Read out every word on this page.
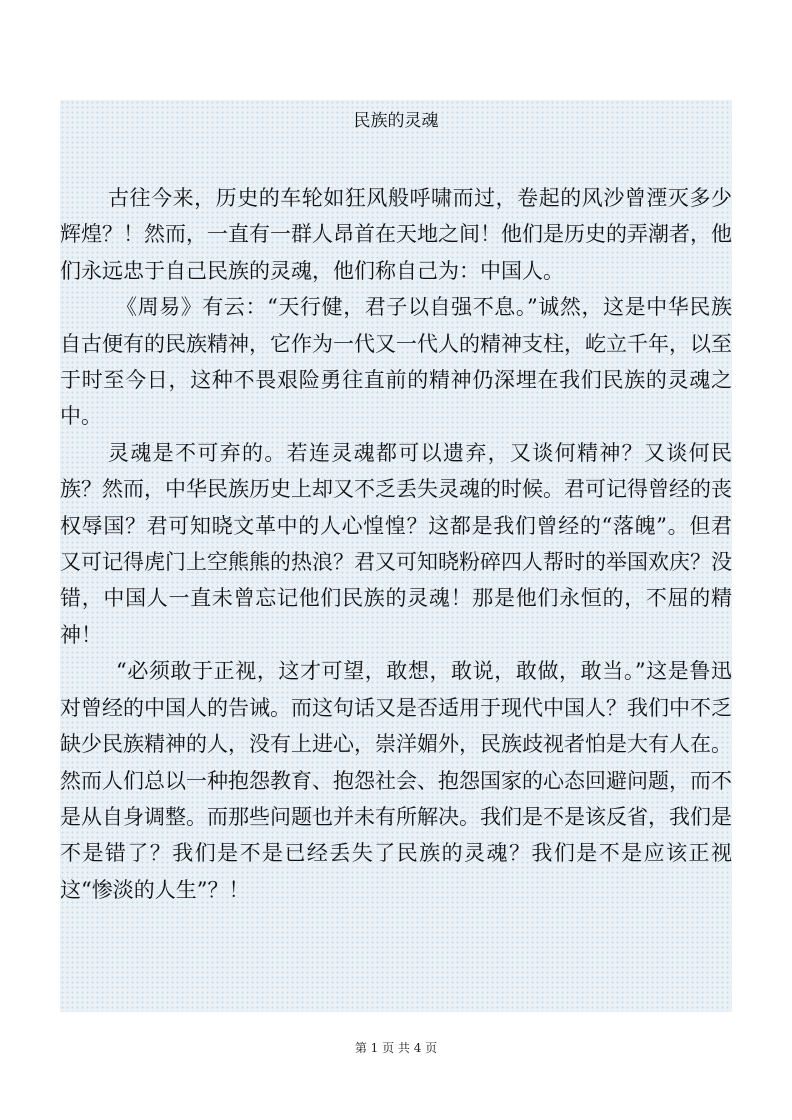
民族的灵魂

古往今来，历史的车轮如狂风般呼啸而过，卷起的风沙曾湮灭多少辉煌？！然而，一直有一群人昂首在天地之间！他们是历史的弄潮者，他们永远忠于自己民族的灵魂，他们称自己为：中国人。

《周易》有云：“天行健，君子以自强不息。”诚然，这是中华民族自古便有的民族精神，它作为一代又一代人的精神支柱，屹立千年，以至于时至今日，这种不畏艰险勇往直前的精神仍深埋在我们民族的灵魂之中。

灵魂是不可弃的。若连灵魂都可以遗弃，又谈何精神？又谈何民族？然而，中华民族历史上却又不乏丢失灵魂的时候。君可记得曾经的丧权辱国？君可知晓文革中的人心惶惶？这都是我们曾经的“落魄”。但君又可记得虎门上空熊熊的热浪？君又可知晓粉碎四人帮时的举国欢庆？没错，中国人一直未曾忘记他们民族的灵魂！那是他们永恒的，不屈的精神！

“必须敢于正视，这才可望，敢想，敢说，敢做，敢当。”这是鲁迅对曾经的中国人的告诫。而这句话又是否适用于现代中国人？我们中不乏缺少民族精神的人，没有上进心，崇洋媚外，民族歧视者怕是大有人在。然而人们总以一种抱怨教育、抱怨社会、抱怨国家的心态回避问题，而不是从自身调整。而那些问题也并未有所解决。我们是不是该反省，我们是不是错了？我们是不是已经丢失了民族的灵魂？我们是不是应该正视这“惨淡的人生”？！

第 1 页 共 4 页
